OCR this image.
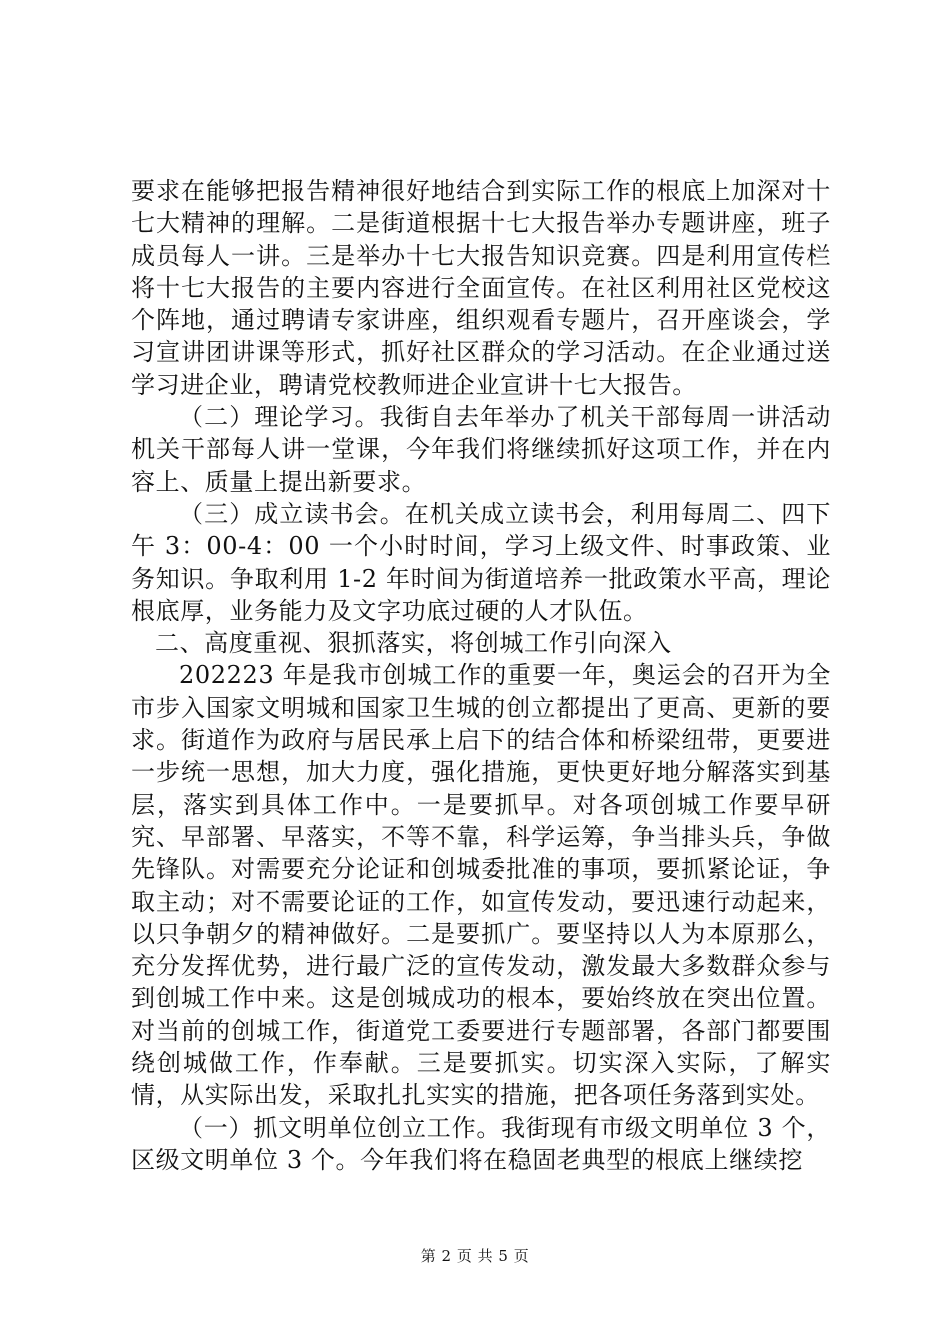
要求在能够把报告精神很好地结合到实际工作的根底上加深对十七大精神的理解。二是街道根据十七大报告举办专题讲座，班子成员每人一讲。三是举办十七大报告知识竞赛。四是利用宣传栏将十七大报告的主要内容进行全面宣传。在社区利用社区党校这个阵地，通过聘请专家讲座，组织观看专题片，召开座谈会，学习宣讲团讲课等形式，抓好社区群众的学习活动。在企业通过送学习进企业，聘请党校教师进企业宣讲十七大报告。

（二）理论学习。我街自去年举办了机关干部每周一讲活动机关干部每人讲一堂课，今年我们将继续抓好这项工作，并在内容上、质量上提出新要求。

（三）成立读书会。在机关成立读书会，利用每周二、四下午 3：00-4：00 一个小时时间，学习上级文件、时事政策、业务知识。争取利用 1-2 年时间为街道培养一批政策水平高，理论根底厚，业务能力及文字功底过硬的人才队伍。

二、高度重视、狠抓落实，将创城工作引向深入

202223 年是我市创城工作的重要一年，奥运会的召开为全市步入国家文明城和国家卫生城的创立都提出了更高、更新的要求。街道作为政府与居民承上启下的结合体和桥梁纽带，更要进一步统一思想，加大力度，强化措施，更快更好地分解落实到基层，落实到具体工作中。一是要抓早。对各项创城工作要早研究、早部署、早落实，不等不靠，科学运筹，争当排头兵，争做先锋队。对需要充分论证和创城委批准的事项，要抓紧论证，争取主动；对不需要论证的工作，如宣传发动，要迅速行动起来，以只争朝夕的精神做好。二是要抓广。要坚持以人为本原那么，充分发挥优势，进行最广泛的宣传发动，激发最大多数群众参与到创城工作中来。这是创城成功的根本，要始终放在突出位置。对当前的创城工作，街道党工委要进行专题部署，各部门都要围绕创城做工作，作奉献。三是要抓实。切实深入实际，了解实情，从实际出发，采取扎扎实实的措施，把各项任务落到实处。

（一）抓文明单位创立工作。我街现有市级文明单位 3 个，区级文明单位 3 个。今年我们将在稳固老典型的根底上继续挖

第 2 页 共 5 页
